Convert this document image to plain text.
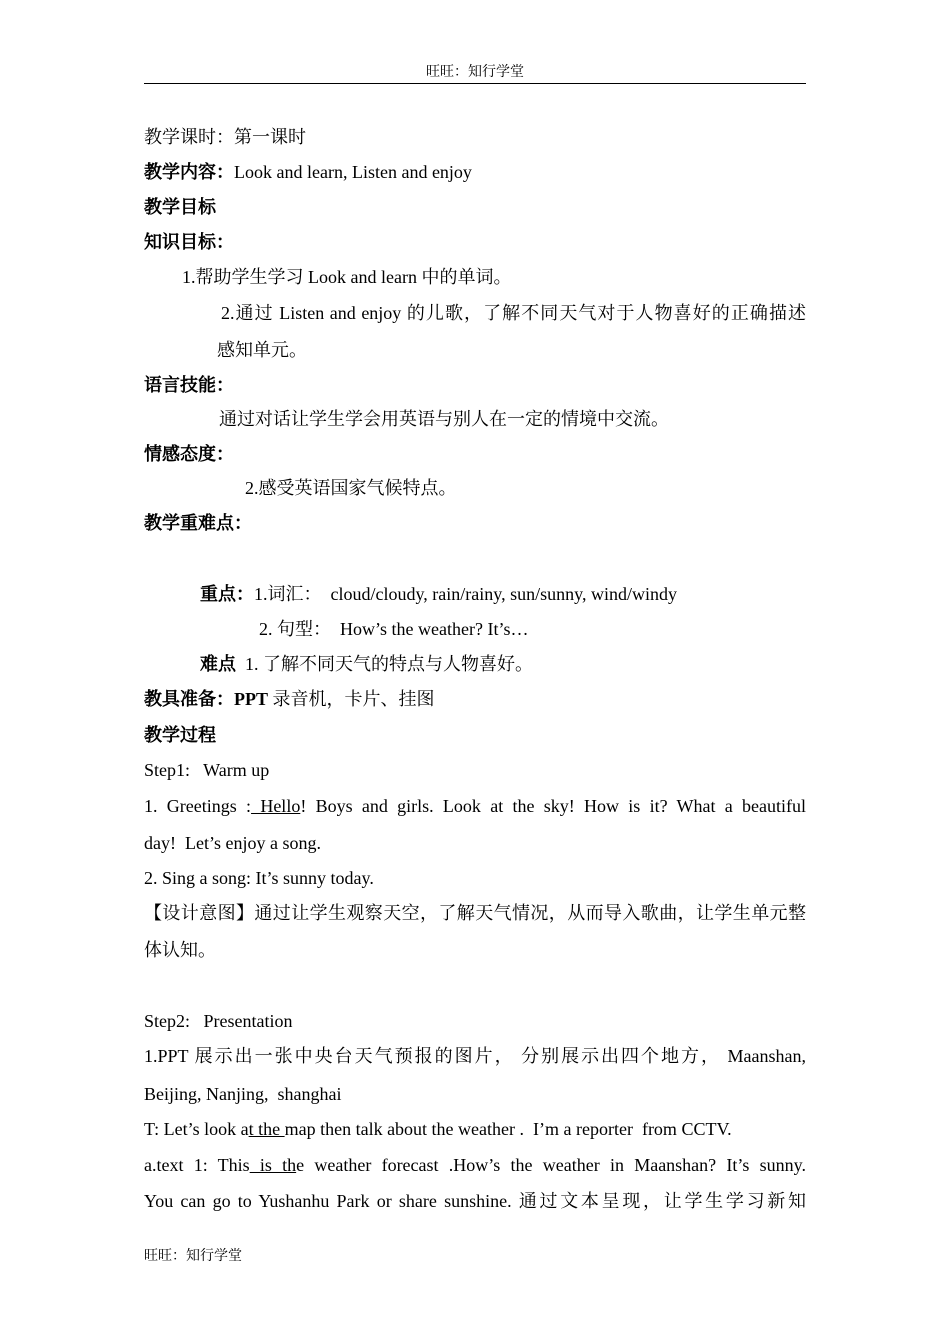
旺旺：知行学堂
教学课时：第一课时
教学内容：Look and learn, Listen and enjoy
教学目标
知识目标：
1.帮助学生学习 Look and learn 中的单词。
2.通过 Listen and enjoy 的儿歌，了解不同天气对于人物喜好的正确描述
感知单元。
语言技能：
通过对话让学生学会用英语与别人在一定的情境中交流。
情感态度：
2.感受英语国家气候特点。
教学重难点：
重点：1.词汇：  cloud/cloudy, rain/rainy, sun/sunny, wind/windy
2. 句型：  How’s the weather? It’s…
难点 1. 了解不同天气的特点与人物喜好。
教具准备：PPT 录音机，卡片、挂图
教学过程
Step1:   Warm up
1. Greetings : Hello! Boys and girls. Look at the sky! How is it? What a beautiful
day!  Let’s enjoy a song.
2. Sing a song: It’s sunny today.
【设计意图】通过让学生观察天空，了解天气情况，从而导入歌曲，让学生单元整
体认知。
Step2:   Presentation
1.PPT 展示出一张中央台天气预报的图片， 分别展示出四个地方， Maanshan,
Beijing, Nanjing,  shanghai
T: Let’s look at the map then talk about the weather .  I’m a reporter  from CCTV.
a.text 1: This is the weather forecast .How’s the weather in Maanshan? It’s sunny.
You can go to Yushanhu Park or share sunshine. 通过文本呈现，让学生学习新知
旺旺：知行学堂
